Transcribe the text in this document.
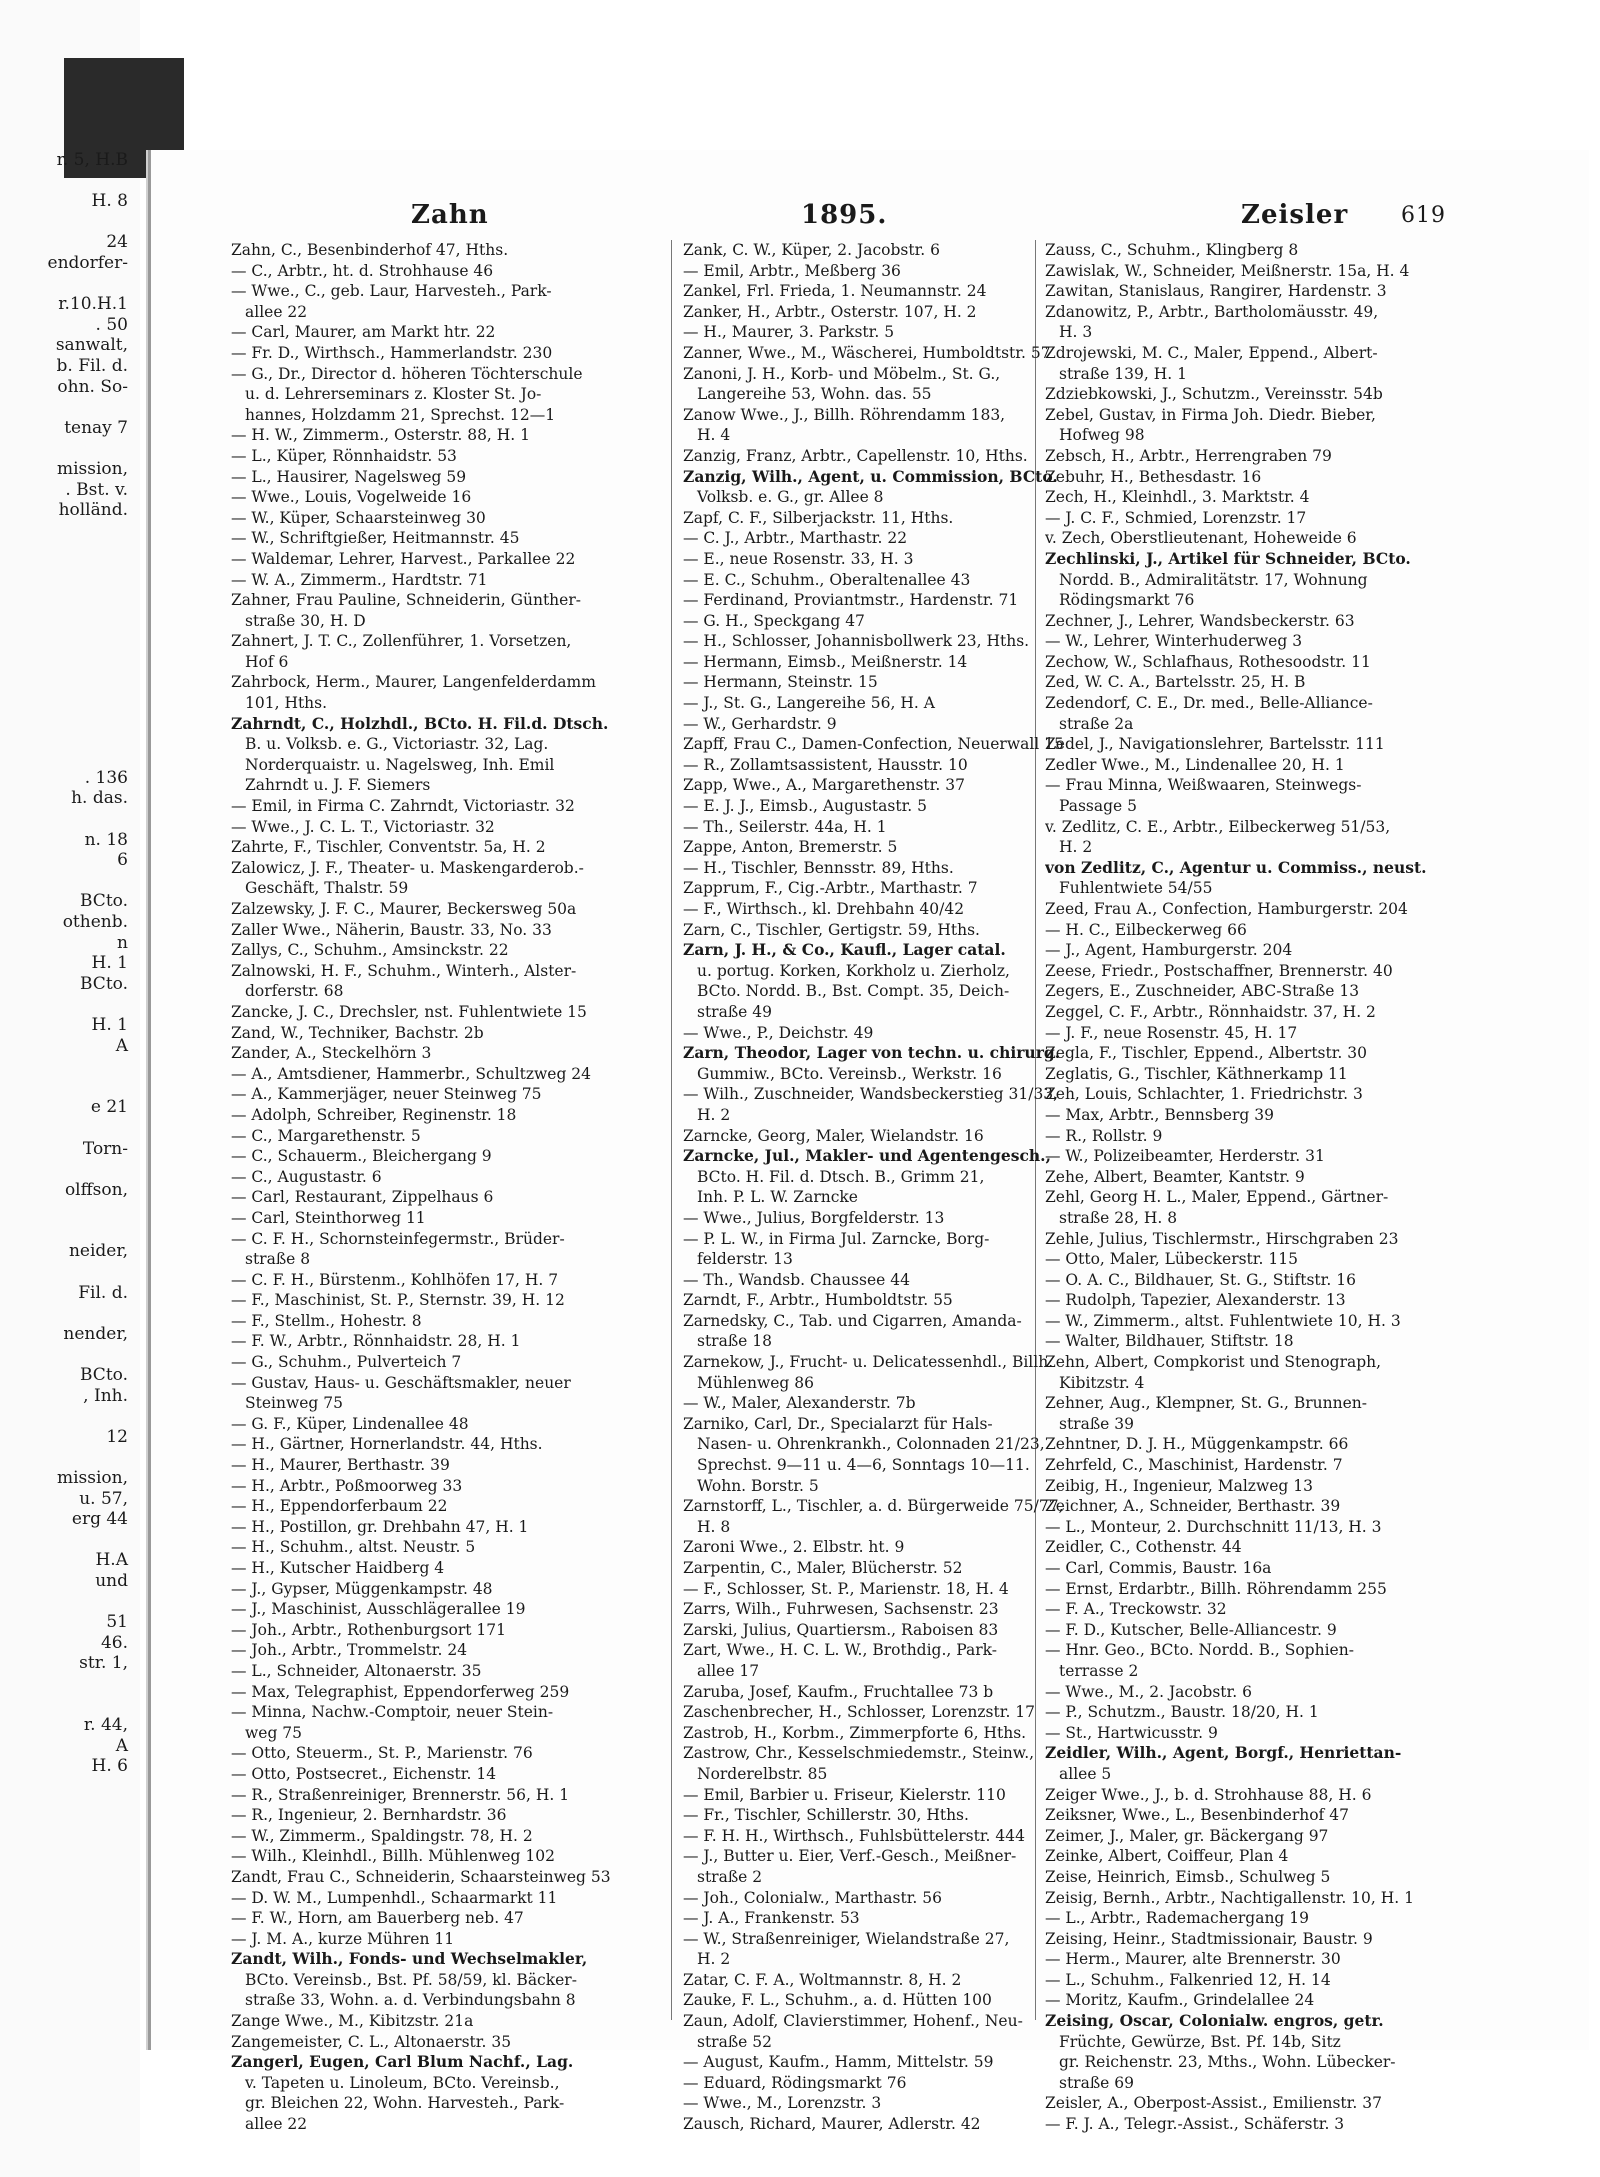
r. 5, H.B

H. 8

24
endorfer-

r.10.H.1
. 50
sanwalt,
b. Fil. d.
ohn. So-

tenay 7

mission,
. Bst. v.
holländ.

. 136
h. das.

n. 18
6

BCto.
othenb.
n
H. 1
BCto.

H. 1
A

e 21

Torn-

olffson,

neider,

Fil. d.

nender,

BCto.
, Inh.

12

mission,
u. 57,
erg 44

H.A
und

51
46.
str. 1,

r. 44,
A
H. 6
Zahn	1895.	Zeisler 619
Zahn, C., Besenbinderhof 47, Hths.
— C., Arbtr., ht. d. Strohhause 46
— Wwe., C., geb. Laur, Harvesteh., Park-
allee 22
— Carl, Maurer, am Markt htr. 22
— Fr. D., Wirthsch., Hammerlandstr. 230
— G., Dr., Director d. höheren Töchterschule
u. d. Lehrerseminars z. Kloster St. Jo-
hannes, Holzdamm 21, Sprechst. 12—1
— H. W., Zimmerm., Osterstr. 88, H. 1
— L., Küper, Rönnhaidstr. 53
— L., Hausirer, Nagelsweg 59
— Wwe., Louis, Vogelweide 16
— W., Küper, Schaarsteinweg 30
— W., Schriftgießer, Heitmannstr. 45
— Waldemar, Lehrer, Harvest., Parkallee 22
— W. A., Zimmerm., Hardtstr. 71
Zahner, Frau Pauline, Schneiderin, Günther-
straße 30, H. D
Zahnert, J. T. C., Zollenführer, 1. Vorsetzen,
Hof 6
Zahrbock, Herm., Maurer, Langenfelderdamm
101, Hths.
Zahrndt, C., Holzhdl., BCto. H. Fil.d. Dtsch.
B. u. Volksb. e. G., Victoriastr. 32, Lag.
Norderquaistr. u. Nagelsweg, Inh. Emil
Zahrndt u. J. F. Siemers
— Emil, in Firma C. Zahrndt, Victoriastr. 32
— Wwe., J. C. L. T., Victoriastr. 32
Zahrte, F., Tischler, Conventstr. 5a, H. 2
Zalowicz, J. F., Theater- u. Maskengarderob.-
Geschäft, Thalstr. 59
Zalzewsky, J. F. C., Maurer, Beckersweg 50a
Zaller Wwe., Näherin, Baustr. 33, No. 33
Zallys, C., Schuhm., Amsinckstr. 22
Zalnowski, H. F., Schuhm., Winterh., Alster-
dorferstr. 68
Zancke, J. C., Drechsler, nst. Fuhlentwiete 15
Zand, W., Techniker, Bachstr. 2b
Zander, A., Steckelhörn 3
— A., Amtsdiener, Hammerbr., Schultzweg 24
— A., Kammerjäger, neuer Steinweg 75
— Adolph, Schreiber, Reginenstr. 18
— C., Margarethenstr. 5
— C., Schauerm., Bleichergang 9
— C., Augustastr. 6
— Carl, Restaurant, Zippelhaus 6
— Carl, Steinthorweg 11
— C. F. H., Schornsteinfegermstr., Brüder-
straße 8
— C. F. H., Bürstenm., Kohlhöfen 17, H. 7
— F., Maschinist, St. P., Sternstr. 39, H. 12
— F., Stellm., Hohestr. 8
— F. W., Arbtr., Rönnhaidstr. 28, H. 1
— G., Schuhm., Pulverteich 7
— Gustav, Haus- u. Geschäftsmakler, neuer
Steinweg 75
— G. F., Küper, Lindenallee 48
— H., Gärtner, Hornerlandstr. 44, Hths.
— H., Maurer, Berthastr. 39
— H., Arbtr., Poßmoorweg 33
— H., Eppendorferbaum 22
— H., Postillon, gr. Drehbahn 47, H. 1
— H., Schuhm., altst. Neustr. 5
— H., Kutscher Haidberg 4
— J., Gypser, Müggenkampstr. 48
— J., Maschinist, Ausschlägerallee 19
— Joh., Arbtr., Rothenburgsort 171
— Joh., Arbtr., Trommelstr. 24
— L., Schneider, Altonaerstr. 35
— Max, Telegraphist, Eppendorferweg 259
— Minna, Nachw.-Comptoir, neuer Stein-
weg 75
— Otto, Steuerm., St. P., Marienstr. 76
— Otto, Postsecret., Eichenstr. 14
— R., Straßenreiniger, Brennerstr. 56, H. 1
— R., Ingenieur, 2. Bernhardstr. 36
— W., Zimmerm., Spaldingstr. 78, H. 2
— Wilh., Kleinhdl., Billh. Mühlenweg 102
Zandt, Frau C., Schneiderin, Schaarsteinweg 53
— D. W. M., Lumpenhdl., Schaarmarkt 11
— F. W., Horn, am Bauerberg neb. 47
— J. M. A., kurze Mühren 11
Zandt, Wilh., Fonds- und Wechselmakler,
BCto. Vereinsb., Bst. Pf. 58/59, kl. Bäcker-
straße 33, Wohn. a. d. Verbindungsbahn 8
Zange Wwe., M., Kibitzstr. 21a
Zangemeister, C. L., Altonaerstr. 35
Zangerl, Eugen, Carl Blum Nachf., Lag.
v. Tapeten u. Linoleum, BCto. Vereinsb.,
gr. Bleichen 22, Wohn. Harvesteh., Park-
allee 22
Zank, C. W., Küper, 2. Jacobstr. 6
— Emil, Arbtr., Meßberg 36
Zankel, Frl. Frieda, 1. Neumannstr. 24
Zanker, H., Arbtr., Osterstr. 107, H. 2
— H., Maurer, 3. Parkstr. 5
Zanner, Wwe., M., Wäscherei, Humboldtstr. 57
Zanoni, J. H., Korb- und Möbelm., St. G.,
Langereihe 53, Wohn. das. 55
Zanow Wwe., J., Billh. Röhrendamm 183,
H. 4
Zanzig, Franz, Arbtr., Capellenstr. 10, Hths.
Zanzig, Wilh., Agent, u. Commission, BCto.
Volksb. e. G., gr. Allee 8
Zapf, C. F., Silberjackstr. 11, Hths.
— C. J., Arbtr., Marthastr. 22
— E., neue Rosenstr. 33, H. 3
— E. C., Schuhm., Oberaltenallee 43
— Ferdinand, Proviantmstr., Hardenstr. 71
— G. H., Speckgang 47
— H., Schlosser, Johannisbollwerk 23, Hths.
— Hermann, Eimsb., Meißnerstr. 14
— Hermann, Steinstr. 15
— J., St. G., Langereihe 56, H. A
— W., Gerhardstr. 9
Zapff, Frau C., Damen-Confection, Neuerwall 15
— R., Zollamtsassistent, Hausstr. 10
Zapp, Wwe., A., Margarethenstr. 37
— E. J. J., Eimsb., Augustastr. 5
— Th., Seilerstr. 44a, H. 1
Zappe, Anton, Bremerstr. 5
— H., Tischler, Bennsstr. 89, Hths.
Zapprum, F., Cig.-Arbtr., Marthastr. 7
— F., Wirthsch., kl. Drehbahn 40/42
Zarn, C., Tischler, Gertigstr. 59, Hths.
Zarn, J. H., & Co., Kaufl., Lager catal.
u. portug. Korken, Korkholz u. Zierholz,
BCto. Nordd. B., Bst. Compt. 35, Deich-
straße 49
— Wwe., P., Deichstr. 49
Zarn, Theodor, Lager von techn. u. chirurg.
Gummiw., BCto. Vereinsb., Werkstr. 16
— Wilh., Zuschneider, Wandsbeckerstieg 31/33,
H. 2
Zarncke, Georg, Maler, Wielandstr. 16
Zarncke, Jul., Makler- und Agentengesch.,
BCto. H. Fil. d. Dtsch. B., Grimm 21,
Inh. P. L. W. Zarncke
— Wwe., Julius, Borgfelderstr. 13
— P. L. W., in Firma Jul. Zarncke, Borg-
felderstr. 13
— Th., Wandsb. Chaussee 44
Zarndt, F., Arbtr., Humboldtstr. 55
Zarnedsky, C., Tab. und Cigarren, Amanda-
straße 18
Zarnekow, J., Frucht- u. Delicatessenhdl., Billh.
Mühlenweg 86
— W., Maler, Alexanderstr. 7b
Zarniko, Carl, Dr., Specialarzt für Hals-
Nasen- u. Ohrenkrankh., Colonnaden 21/23,
Sprechst. 9—11 u. 4—6, Sonntags 10—11.
Wohn. Borstr. 5
Zarnstorff, L., Tischler, a. d. Bürgerweide 75/77,
H. 8
Zaroni Wwe., 2. Elbstr. ht. 9
Zarpentin, C., Maler, Blücherstr. 52
— F., Schlosser, St. P., Marienstr. 18, H. 4
Zarrs, Wilh., Fuhrwesen, Sachsenstr. 23
Zarski, Julius, Quartiersm., Raboisen 83
Zart, Wwe., H. C. L. W., Brothdig., Park-
allee 17
Zaruba, Josef, Kaufm., Fruchtallee 73 b
Zaschenbrecher, H., Schlosser, Lorenzstr. 17
Zastrob, H., Korbm., Zimmerpforte 6, Hths.
Zastrow, Chr., Kesselschmiedemstr., Steinw.,
Norderelbstr. 85
— Emil, Barbier u. Friseur, Kielerstr. 110
— Fr., Tischler, Schillerstr. 30, Hths.
— F. H. H., Wirthsch., Fuhlsbüttelerstr. 444
— J., Butter u. Eier, Verf.-Gesch., Meißner-
straße 2
— Joh., Colonialw., Marthastr. 56
— J. A., Frankenstr. 53
— W., Straßenreiniger, Wielandstraße 27,
H. 2
Zatar, C. F. A., Woltmannstr. 8, H. 2
Zauke, F. L., Schuhm., a. d. Hütten 100
Zaun, Adolf, Clavierstimmer, Hohenf., Neu-
straße 52
— August, Kaufm., Hamm, Mittelstr. 59
— Eduard, Rödingsmarkt 76
— Wwe., M., Lorenzstr. 3
Zausch, Richard, Maurer, Adlerstr. 42
Zauss, C., Schuhm., Klingberg 8
Zawislak, W., Schneider, Meißnerstr. 15a, H. 4
Zawitan, Stanislaus, Rangirer, Hardenstr. 3
Zdanowitz, P., Arbtr., Bartholomäusstr. 49,
H. 3
Zdrojewski, M. C., Maler, Eppend., Albert-
straße 139, H. 1
Zdziebkowski, J., Schutzm., Vereinsstr. 54b
Zebel, Gustav, in Firma Joh. Diedr. Bieber,
Hofweg 98
Zebsch, H., Arbtr., Herrengraben 79
Zebuhr, H., Bethesdastr. 16
Zech, H., Kleinhdl., 3. Marktstr. 4
— J. C. F., Schmied, Lorenzstr. 17
v. Zech, Oberstlieutenant, Hoheweide 6
Zechlinski, J., Artikel für Schneider, BCto.
Nordd. B., Admiralitätstr. 17, Wohnung
Rödingsmarkt 76
Zechner, J., Lehrer, Wandsbeckerstr. 63
— W., Lehrer, Winterhuderweg 3
Zechow, W., Schlafhaus, Rothesoodstr. 11
Zed, W. C. A., Bartelsstr. 25, H. B
Zedendorf, C. E., Dr. med., Belle-Alliance-
straße 2a
Zedel, J., Navigationslehrer, Bartelsstr. 111
Zedler Wwe., M., Lindenallee 20, H. 1
— Frau Minna, Weißwaaren, Steinwegs-
Passage 5
v. Zedlitz, C. E., Arbtr., Eilbeckerweg 51/53,
H. 2
von Zedlitz, C., Agentur u. Commiss., neust.
Fuhlentwiete 54/55
Zeed, Frau A., Confection, Hamburgerstr. 204
— H. C., Eilbeckerweg 66
— J., Agent, Hamburgerstr. 204
Zeese, Friedr., Postschaffner, Brennerstr. 40
Zegers, E., Zuschneider, ABC-Straße 13
Zeggel, C. F., Arbtr., Rönnhaidstr. 37, H. 2
— J. F., neue Rosenstr. 45, H. 17
Zegla, F., Tischler, Eppend., Albertstr. 30
Zeglatis, G., Tischler, Käthnerkamp 11
Zeh, Louis, Schlachter, 1. Friedrichstr. 3
— Max, Arbtr., Bennsberg 39
— R., Rollstr. 9
— W., Polizeibeamter, Herderstr. 31
Zehe, Albert, Beamter, Kantstr. 9
Zehl, Georg H. L., Maler, Eppend., Gärtner-
straße 28, H. 8
Zehle, Julius, Tischlermstr., Hirschgraben 23
— Otto, Maler, Lübeckerstr. 115
— O. A. C., Bildhauer, St. G., Stiftstr. 16
— Rudolph, Tapezier, Alexanderstr. 13
— W., Zimmerm., altst. Fuhlentwiete 10, H. 3
— Walter, Bildhauer, Stiftstr. 18
Zehn, Albert, Compkorist und Stenograph,
Kibitzstr. 4
Zehner, Aug., Klempner, St. G., Brunnen-
straße 39
Zehntner, D. J. H., Müggenkampstr. 66
Zehrfeld, C., Maschinist, Hardenstr. 7
Zeibig, H., Ingenieur, Malzweg 13
Zeichner, A., Schneider, Berthastr. 39
— L., Monteur, 2. Durchschnitt 11/13, H. 3
Zeidler, C., Cothenstr. 44
— Carl, Commis, Baustr. 16a
— Ernst, Erdarbtr., Billh. Röhrendamm 255
— F. A., Treckowstr. 32
— F. D., Kutscher, Belle-Alliancestr. 9
— Hnr. Geo., BCto. Nordd. B., Sophien-
terrasse 2
— Wwe., M., 2. Jacobstr. 6
— P., Schutzm., Baustr. 18/20, H. 1
— St., Hartwicusstr. 9
Zeidler, Wilh., Agent, Borgf., Henriettan-
allee 5
Zeiger Wwe., J., b. d. Strohhause 88, H. 6
Zeiksner, Wwe., L., Besenbinderhof 47
Zeimer, J., Maler, gr. Bäckergang 97
Zeinke, Albert, Coiffeur, Plan 4
Zeise, Heinrich, Eimsb., Schulweg 5
Zeisig, Bernh., Arbtr., Nachtigallenstr. 10, H. 1
— L., Arbtr., Rademachergang 19
Zeising, Heinr., Stadtmissionair, Baustr. 9
— Herm., Maurer, alte Brennerstr. 30
— L., Schuhm., Falkenried 12, H. 14
— Moritz, Kaufm., Grindelallee 24
Zeising, Oscar, Colonialw. engros, getr.
Früchte, Gewürze, Bst. Pf. 14b, Sitz
gr. Reichenstr. 23, Mths., Wohn. Lübecker-
straße 69
Zeisler, A., Oberpost-Assist., Emilienstr. 37
— F. J. A., Telegr.-Assist., Schäferstr. 3
